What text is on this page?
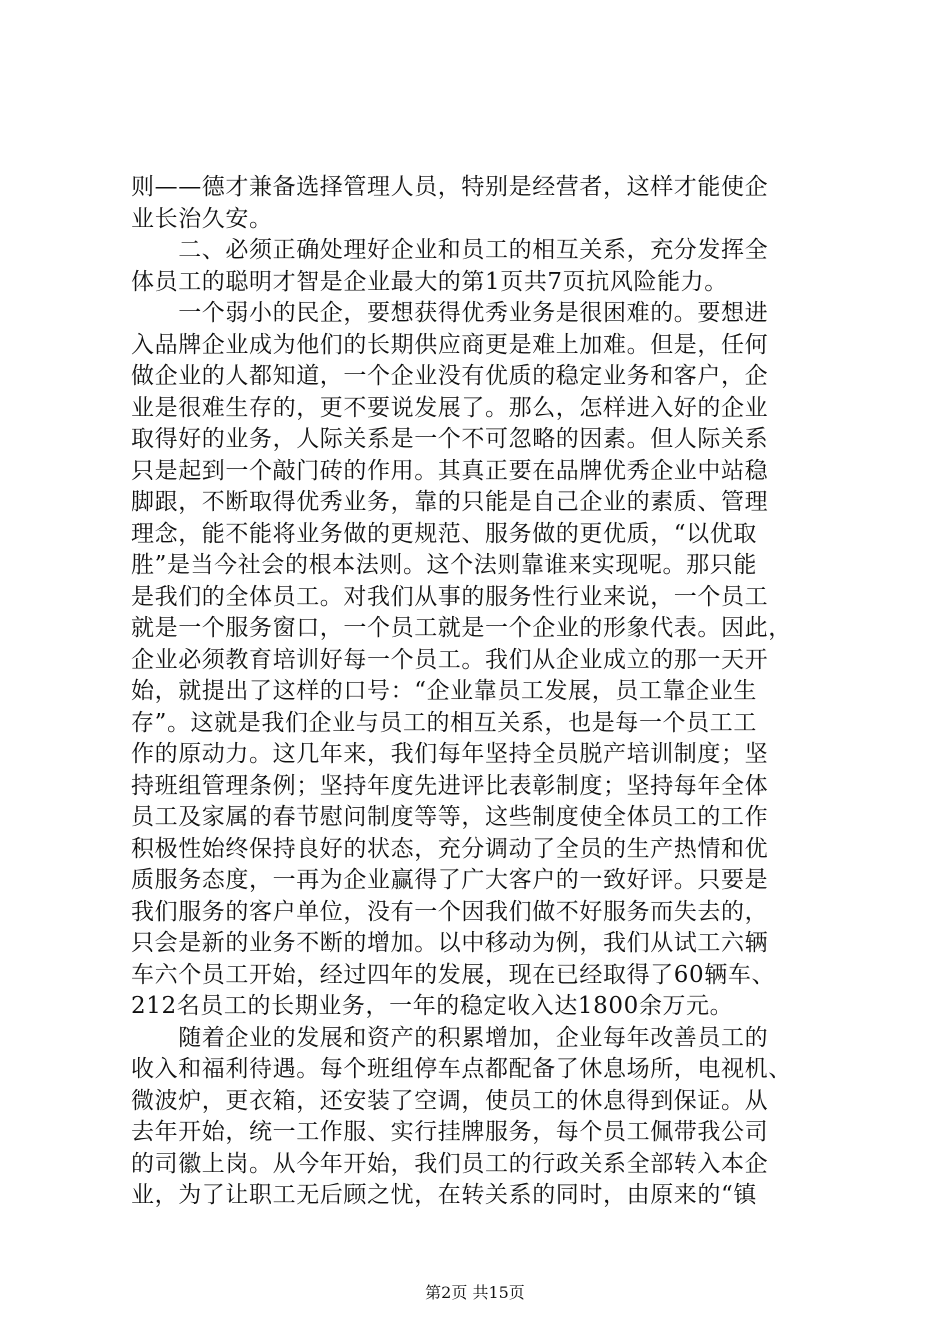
则——德才兼备选择管理人员，特别是经营者，这样才能使企
业长治久安。
　　二、必须正确处理好企业和员工的相互关系，充分发挥全
体员工的聪明才智是企业最大的第1页共7页抗风险能力。
　　一个弱小的民企，要想获得优秀业务是很困难的。要想进
入品牌企业成为他们的长期供应商更是难上加难。但是，任何
做企业的人都知道，一个企业没有优质的稳定业务和客户，企
业是很难生存的，更不要说发展了。那么，怎样进入好的企业
取得好的业务，人际关系是一个不可忽略的因素。但人际关系
只是起到一个敲门砖的作用。其真正要在品牌优秀企业中站稳
脚跟，不断取得优秀业务，靠的只能是自己企业的素质、管理
理念，能不能将业务做的更规范、服务做的更优质，“以优取
胜”是当今社会的根本法则。这个法则靠谁来实现呢。那只能
是我们的全体员工。对我们从事的服务性行业来说，一个员工
就是一个服务窗口，一个员工就是一个企业的形象代表。因此，
企业必须教育培训好每一个员工。我们从企业成立的那一天开
始，就提出了这样的口号：“企业靠员工发展，员工靠企业生
存”。这就是我们企业与员工的相互关系，也是每一个员工工
作的原动力。这几年来，我们每年坚持全员脱产培训制度；坚
持班组管理条例；坚持年度先进评比表彰制度；坚持每年全体
员工及家属的春节慰问制度等等，这些制度使全体员工的工作
积极性始终保持良好的状态，充分调动了全员的生产热情和优
质服务态度，一再为企业赢得了广大客户的一致好评。只要是
我们服务的客户单位，没有一个因我们做不好服务而失去的，
只会是新的业务不断的增加。以中移动为例，我们从试工六辆
车六个员工开始，经过四年的发展，现在已经取得了60辆车、
212名员工的长期业务，一年的稳定收入达1800余万元。
　　随着企业的发展和资产的积累增加，企业每年改善员工的
收入和福利待遇。每个班组停车点都配备了休息场所，电视机、
微波炉，更衣箱，还安装了空调，使员工的休息得到保证。从
去年开始，统一工作服、实行挂牌服务，每个员工佩带我公司
的司徽上岗。从今年开始，我们员工的行政关系全部转入本企
业，为了让职工无后顾之忧，在转关系的同时，由原来的“镇
第2页 共15页
